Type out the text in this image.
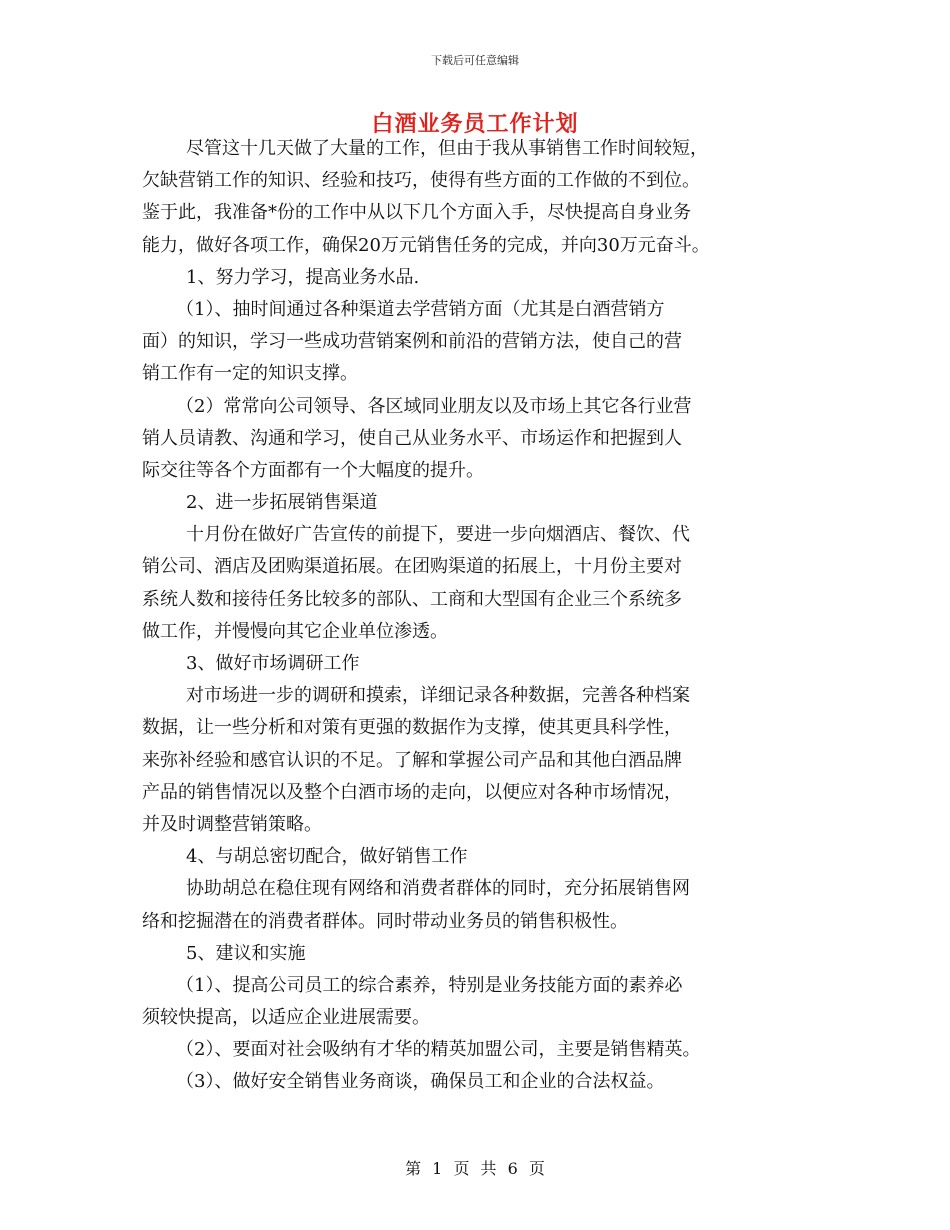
下载后可任意编辑
白酒业务员工作计划
尽管这十几天做了大量的工作，但由于我从事销售工作时间较短，
欠缺营销工作的知识、经验和技巧，使得有些方面的工作做的不到位。
鉴于此，我准备*份的工作中从以下几个方面入手，尽快提高自身业务
能力，做好各项工作，确保20万元销售任务的完成，并向30万元奋斗。
1、努力学习，提高业务水品.
（1）、抽时间通过各种渠道去学营销方面（尤其是白酒营销方
面）的知识，学习一些成功营销案例和前沿的营销方法，使自己的营
销工作有一定的知识支撑。
（2）常常向公司领导、各区域同业朋友以及市场上其它各行业营
销人员请教、沟通和学习，使自己从业务水平、市场运作和把握到人
际交往等各个方面都有一个大幅度的提升。
2、进一步拓展销售渠道
十月份在做好广告宣传的前提下，要进一步向烟酒店、餐饮、代
销公司、酒店及团购渠道拓展。在团购渠道的拓展上，十月份主要对
系统人数和接待任务比较多的部队、工商和大型国有企业三个系统多
做工作，并慢慢向其它企业单位渗透。
3、做好市场调研工作
对市场进一步的调研和摸索，详细记录各种数据，完善各种档案
数据，让一些分析和对策有更强的数据作为支撑，使其更具科学性，
来弥补经验和感官认识的不足。了解和掌握公司产品和其他白酒品牌
产品的销售情况以及整个白酒市场的走向，以便应对各种市场情况，
并及时调整营销策略。
4、与胡总密切配合，做好销售工作
协助胡总在稳住现有网络和消费者群体的同时，充分拓展销售网
络和挖掘潜在的消费者群体。同时带动业务员的销售积极性。
5、建议和实施
（1）、提高公司员工的综合素养，特别是业务技能方面的素养必
须较快提高，以适应企业进展需要。
（2）、要面对社会吸纳有才华的精英加盟公司，主要是销售精英。
（3）、做好安全销售业务商谈，确保员工和企业的合法权益。
第 1 页 共 6 页
